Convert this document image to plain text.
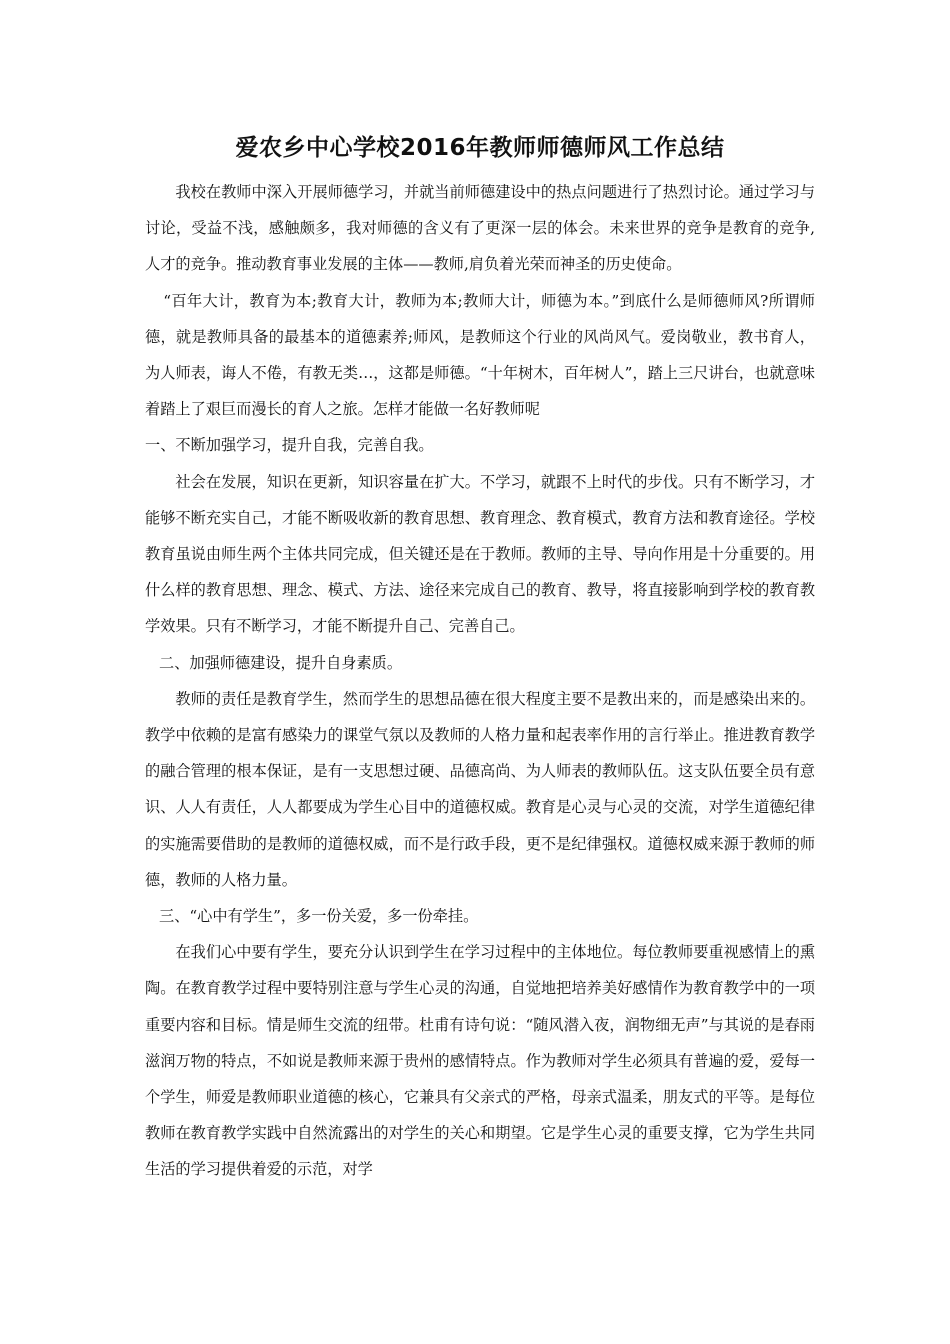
爱农乡中心学校2016年教师师德师风工作总结

我校在教师中深入开展师德学习，并就当前师德建设中的热点问题进行了热烈讨论。通过学习与讨论，受益不浅，感触颇多，我对师德的含义有了更深一层的体会。未来世界的竞争是教育的竞争,人才的竞争。推动教育事业发展的主体——教师,肩负着光荣而神圣的历史使命。

“百年大计，教育为本;教育大计，教师为本;教师大计，师德为本。”到底什么是师德师风?所谓师德，就是教师具备的最基本的道德素养;师风，是教师这个行业的风尚风气。爱岗敬业，教书育人，为人师表，诲人不倦，有教无类…，这都是师德。“十年树木，百年树人”，踏上三尺讲台，也就意味着踏上了艰巨而漫长的育人之旅。怎样才能做一名好教师呢

一、不断加强学习，提升自我，完善自我。

社会在发展，知识在更新，知识容量在扩大。不学习，就跟不上时代的步伐。只有不断学习，才能够不断充实自己，才能不断吸收新的教育思想、教育理念、教育模式，教育方法和教育途径。学校教育虽说由师生两个主体共同完成，但关键还是在于教师。教师的主导、导向作用是十分重要的。用什么样的教育思想、理念、模式、方法、途径来完成自己的教育、教导，将直接影响到学校的教育教学效果。只有不断学习，才能不断提升自己、完善自己。

二、加强师德建设，提升自身素质。

教师的责任是教育学生，然而学生的思想品德在很大程度主要不是教出来的，而是感染出来的。教学中依赖的是富有感染力的课堂气氛以及教师的人格力量和起表率作用的言行举止。推进教育教学的融合管理的根本保证，是有一支思想过硬、品德高尚、为人师表的教师队伍。这支队伍要全员有意识、人人有责任，人人都要成为学生心目中的道德权威。教育是心灵与心灵的交流，对学生道德纪律的实施需要借助的是教师的道德权威，而不是行政手段，更不是纪律强权。道德权威来源于教师的师德，教师的人格力量。

三、“心中有学生”，多一份关爱，多一份牵挂。

在我们心中要有学生，要充分认识到学生在学习过程中的主体地位。每位教师要重视感情上的熏陶。在教育教学过程中要特别注意与学生心灵的沟通，自觉地把培养美好感情作为教育教学中的一项重要内容和目标。情是师生交流的纽带。杜甫有诗句说：“随风潜入夜，润物细无声”与其说的是春雨滋润万物的特点，不如说是教师来源于贵州的感情特点。作为教师对学生必须具有普遍的爱，爱每一个学生，师爱是教师职业道德的核心，它兼具有父亲式的严格，母亲式温柔，朋友式的平等。是每位教师在教育教学实践中自然流露出的对学生的关心和期望。它是学生心灵的重要支撑，它为学生共同生活的学习提供着爱的示范，对学
